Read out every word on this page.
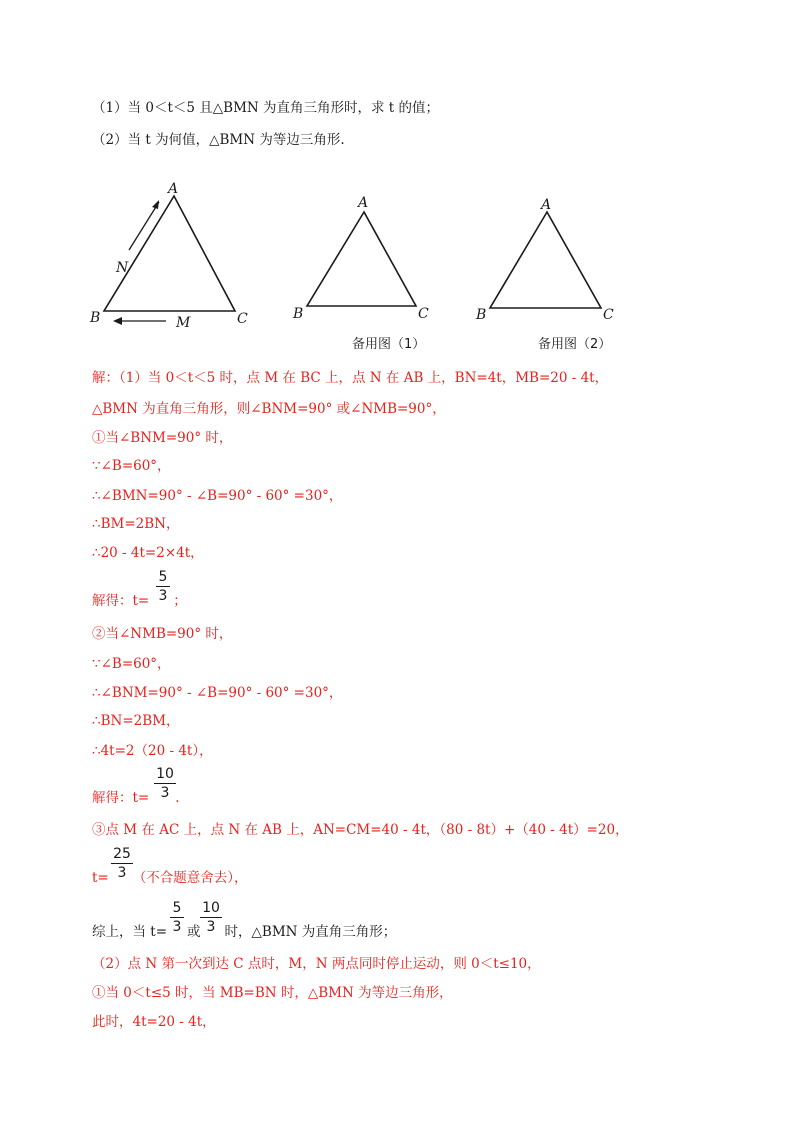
（1）当 0＜t＜5 且△BMN 为直角三角形时，求 t 的值；
（2）当 t 为何值，△BMN 为等边三角形.
A
B	C
N
M
A
B	C
备用图（1）
A
B	C
备用图（2）
解：（1）当 0＜t＜5 时，点 M 在 BC 上，点 N 在 AB 上，BN=4t，MB=20 - 4t，
△BMN 为直角三角形，则∠BNM=90° 或∠NMB=90°，
①当∠BNM=90° 时，
∵∠B=60°，
∴∠BMN=90° - ∠B=90° - 60° =30°，
∴BM=2BN，
∴20 - 4t=2×4t，
解得：t= ；
5
3
②当∠NMB=90° 时，
∵∠B=60°，
∴∠BNM=90° - ∠B=90° - 60° =30°，
∴BN=2BM，
∴4t=2（20 - 4t），
解得：t= .
10
3
③点 M 在 AC 上，点 N 在 AB 上，AN=CM=40 - 4t，（80 - 8t）+（40 - 4t）=20，
t= （不合题意舍去），
25
3
综上，当 t= 或 时，△BMN 为直角三角形；
5
3
10
3
（2）点 N 第一次到达 C 点时，M，N 两点同时停止运动，则 0＜t≤10，
①当 0＜t≤5 时，当 MB=BN 时，△BMN 为等边三角形，
此时，4t=20 - 4t，
